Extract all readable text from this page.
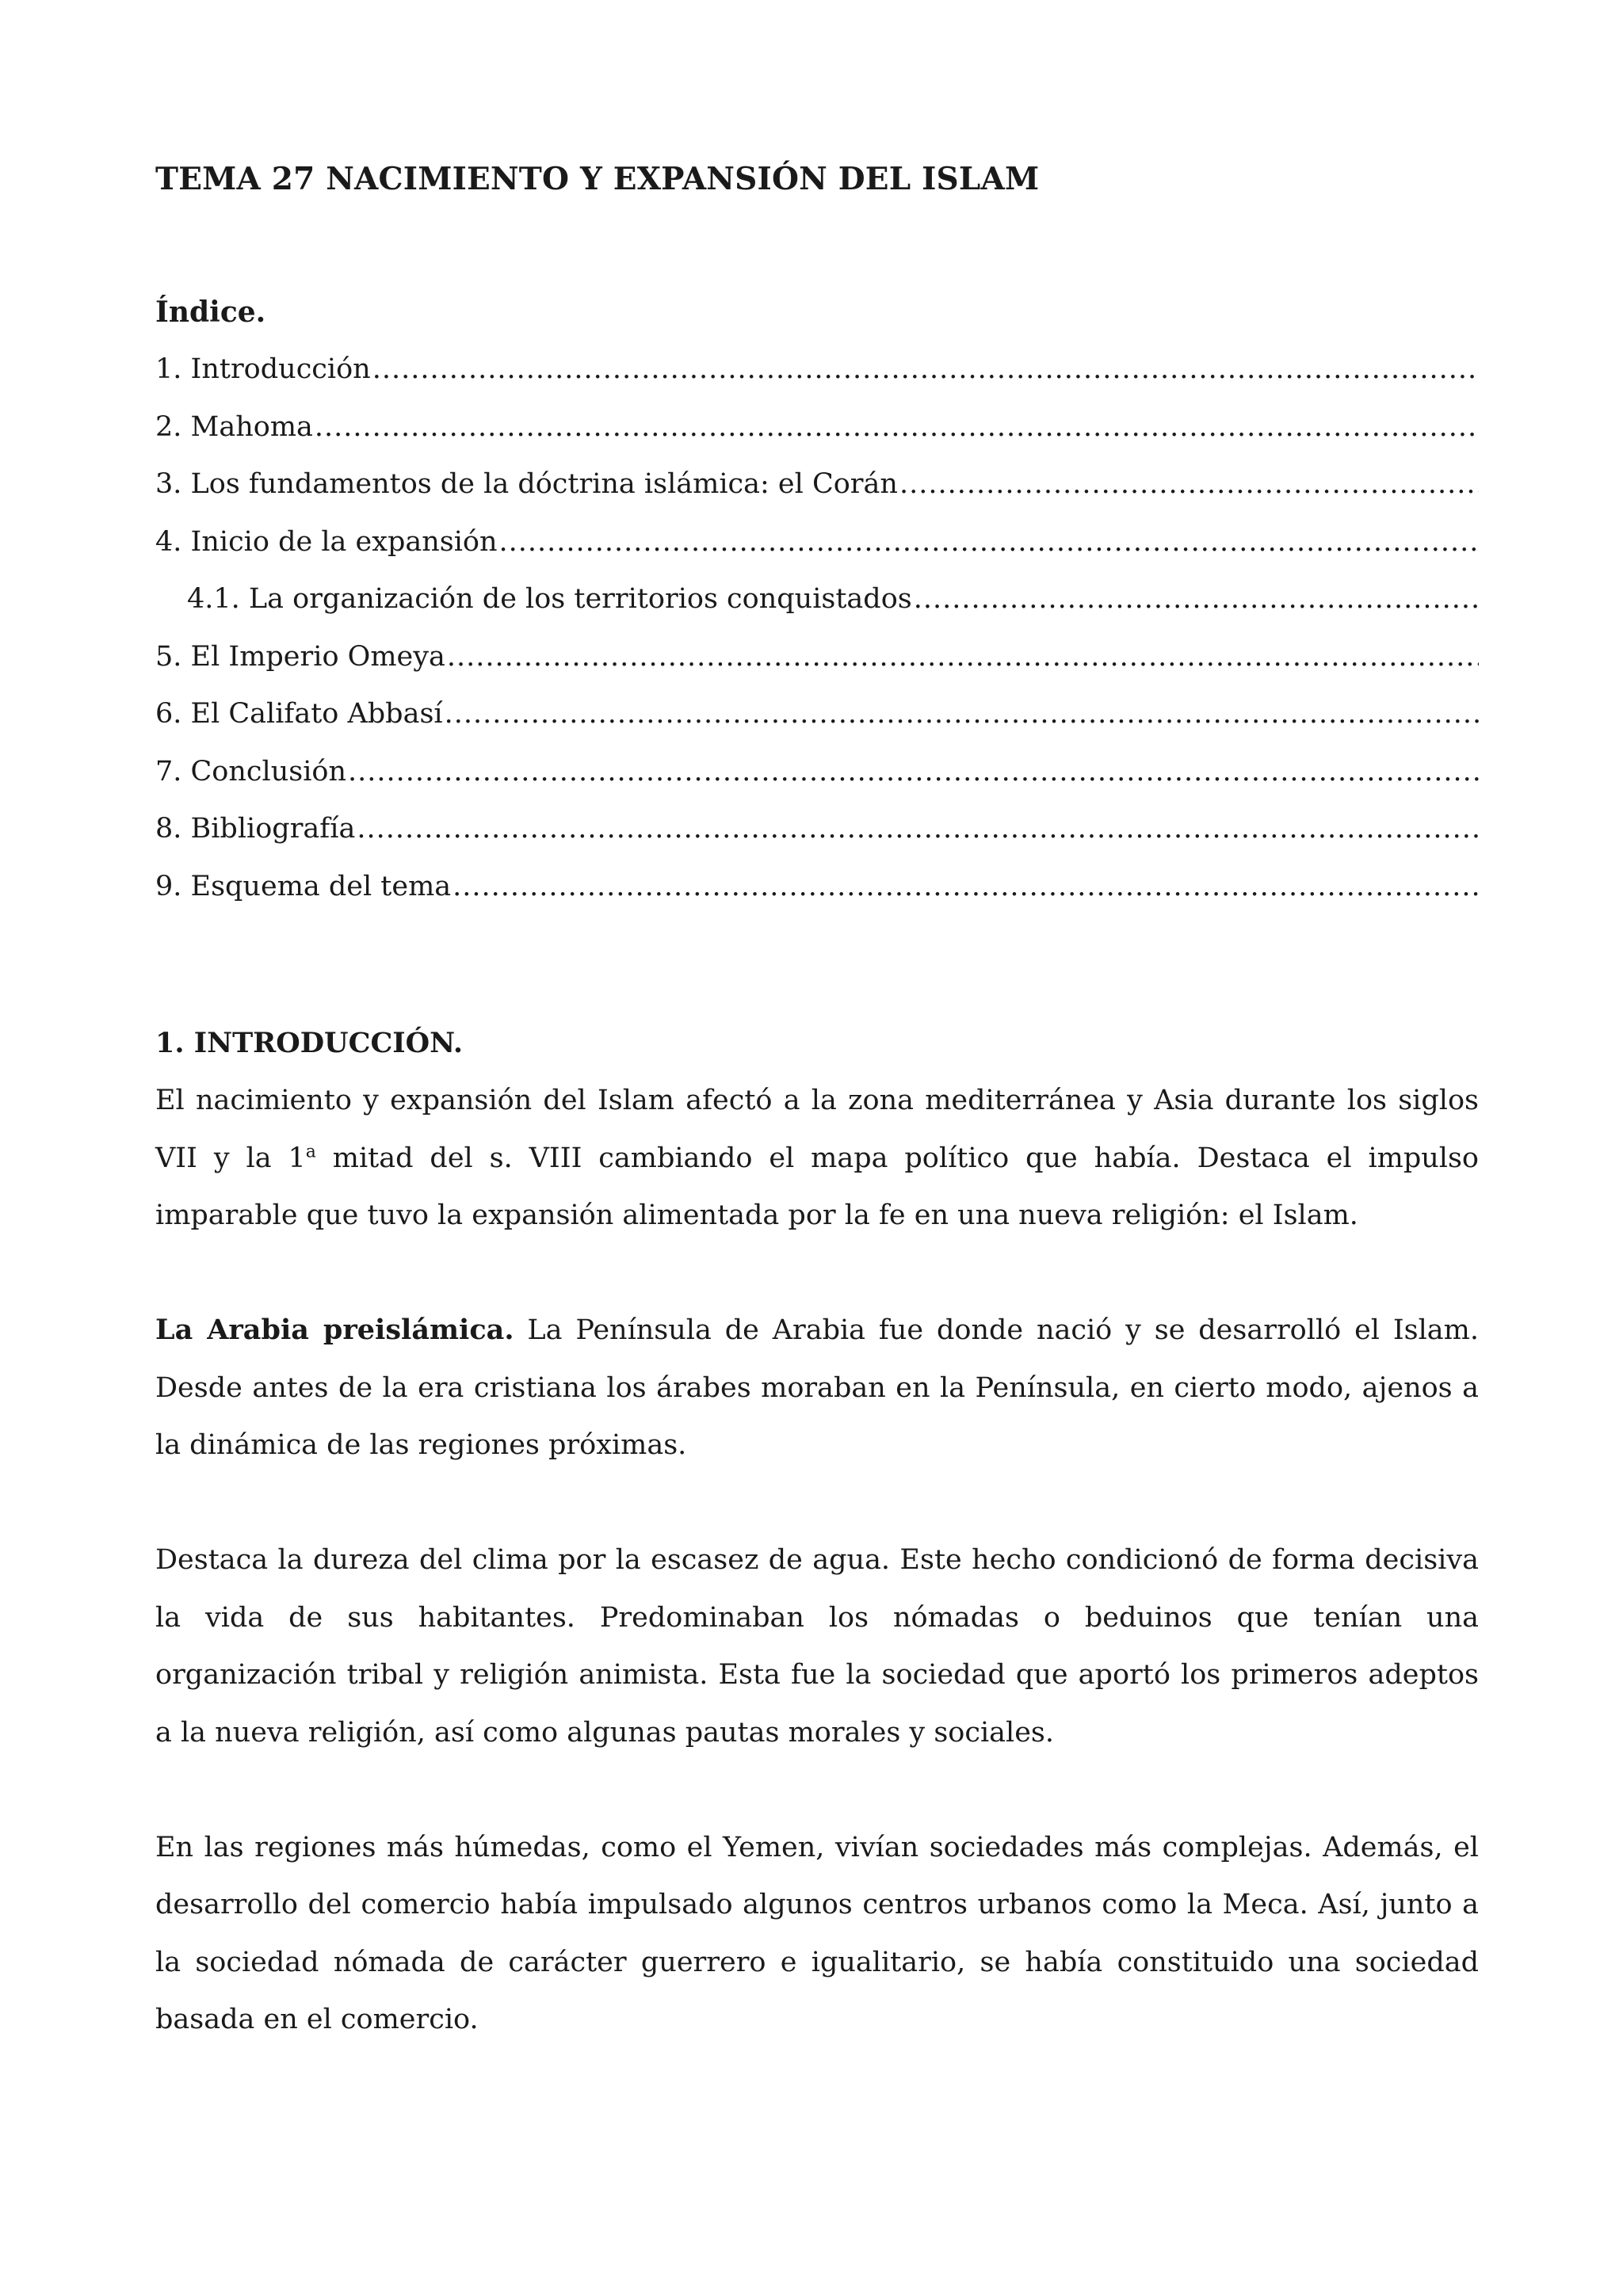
TEMA 27 NACIMIENTO Y EXPANSIÓN DEL ISLAM
Índice.
1. Introducción
.....
2. Mahoma
.....
3. Los fundamentos de la dóctrina islámica: el Corán
.....
4. Inicio de la expansión
.....
4.1. La organización de los territorios conquistados
.....
5. El Imperio Omeya
.....
6. El Califato Abbasí
.....
7. Conclusión
.....
8. Bibliografía
.....
9. Esquema del tema
.....
1. INTRODUCCIÓN.

El nacimiento y expansión del Islam afectó a la zona mediterránea y Asia durante los siglos VII y la 1$^a$ mitad del s. VIII cambiando el mapa político que había. Destaca el impulso imparable que tuvo la expansión alimentada por la fe en una nueva religión: el Islam.

La Arabia preislámica. La Península de Arabia fue donde nació y se desarrolló el Islam. Desde antes de la era cristiana los árabes moraban en la Península, en cierto modo, ajenos a la dinámica de las regiones próximas.

Destaca la dureza del clima por la escasez de agua. Este hecho condicionó de forma decisiva la vida de sus habitantes. Predominaban los nómadas o beduinos que tenían una organización tribal y religión animista. Esta fue la sociedad que aportó los primeros adeptos a la nueva religión, así como algunas pautas morales y sociales.

En las regiones más húmedas, como el Yemen, vivían sociedades más complejas. Además, el desarrollo del comercio había impulsado algunos centros urbanos como la Meca. Así, junto a la sociedad nómada de carácter guerrero e igualitario, se había constituido una sociedad basada en el comercio.
